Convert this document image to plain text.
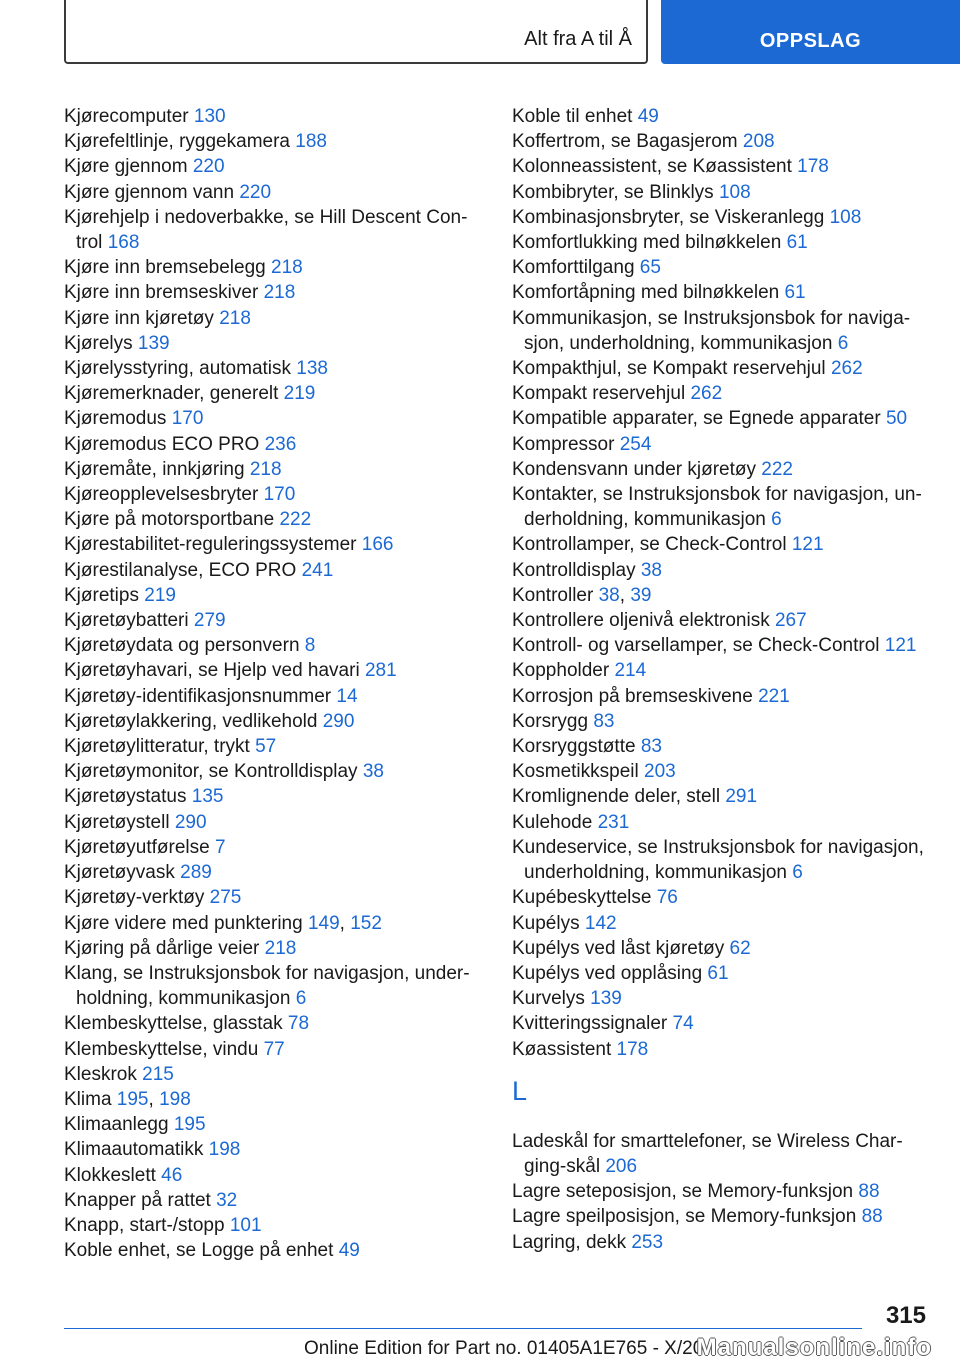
Alt fra A til Å	OPPSLAG
Kjørecomputer 130
Kjørefeltlinje, ryggekamera 188
Kjøre gjennom 220
Kjøre gjennom vann 220
Kjørehjelp i nedoverbakke, se Hill Descent Con‐ trol 168
Kjøre inn bremsebelegg 218
Kjøre inn bremseskiver 218
Kjøre inn kjøretøy 218
Kjørelys 139
Kjørelysstyring, automatisk 138
Kjøremerknader, generelt 219
Kjøremodus 170
Kjøremodus ECO PRO 236
Kjøremåte, innkjøring 218
Kjøreopplevelsesbryter 170
Kjøre på motorsportbane 222
Kjørestabilitet-reguleringssystemer 166
Kjørestilanalyse, ECO PRO 241
Kjøretips 219
Kjøretøybatteri 279
Kjøretøydata og personvern 8
Kjøretøyhavari, se Hjelp ved havari 281
Kjøretøy-identifikasjonsnummer 14
Kjøretøylakkering, vedlikehold 290
Kjøretøylitteratur, trykt 57
Kjøretøymonitor, se Kontrolldisplay 38
Kjøretøystatus 135
Kjøretøystell 290
Kjøretøyutførelse 7
Kjøretøyvask 289
Kjøretøy-verktøy 275
Kjøre videre med punktering 149, 152
Kjøring på dårlige veier 218
Klang, se Instruksjonsbok for navigasjon, under‐ holdning, kommunikasjon 6
Klembeskyttelse, glasstak 78
Klembeskyttelse, vindu 77
Kleskrok 215
Klima 195, 198
Klimaanlegg 195
Klimaautomatikk 198
Klokkeslett 46
Knapper på rattet 32
Knapp, start-/stopp 101
Koble enhet, se Logge på enhet 49
Koble til enhet 49
Koffertrom, se Bagasjerom 208
Kolonneassistent, se Køassistent 178
Kombibryter, se Blinklys 108
Kombinasjonsbryter, se Viskeranlegg 108
Komfortlukking med bilnøkkelen 61
Komforttilgang 65
Komfortåpning med bilnøkkelen 61
Kommunikasjon, se Instruksjonsbok for naviga‐ sjon, underholdning, kommunikasjon 6
Kompakthjul, se Kompakt reservehjul 262
Kompakt reservehjul 262
Kompatible apparater, se Egnede apparater 50
Kompressor 254
Kondensvann under kjøretøy 222
Kontakter, se Instruksjonsbok for navigasjon, un‐ derholdning, kommunikasjon 6
Kontrollamper, se Check-Control 121
Kontrolldisplay 38
Kontroller 38, 39
Kontrollere oljenivå elektronisk 267
Kontroll- og varsellamper, se Check-Control 121
Koppholder 214
Korrosjon på bremseskivene 221
Korsrygg 83
Korsryggstøtte 83
Kosmetikkspeil 203
Kromlignende deler, stell 291
Kulehode 231
Kundeservice, se Instruksjonsbok for navigasjon, underholdning, kommunikasjon 6
Kupébeskyttelse 76
Kupélys 142
Kupélys ved låst kjøretøy 62
Kupélys ved opplåsing 61
Kurvelys 139
Kvitteringssignaler 74
Køassistent 178
L
Ladeskål for smarttelefoner, se Wireless Char‐ ging-skål 206
Lagre seteposisjon, se Memory-funksjon 88
Lagre speilposisjon, se Memory-funksjon 88
Lagring, dekk 253
315
Online Edition for Part no. 01405A1E765 - X/20
Manualsonline.info
